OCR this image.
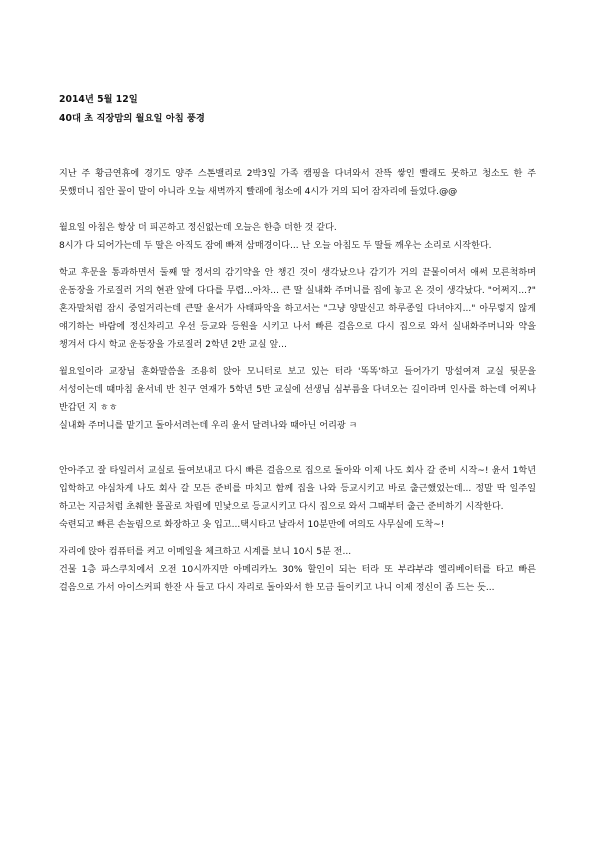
2014년 5월 12일
40대 초 직장맘의 월요일 아침 풍경

지난 주 황금연휴에 경기도 양주 스톤밸리로 2박3일 가족 캠핑을 다녀와서 잔뜩 쌓인 빨래도 못하고 청소도 한 주 못했더니 집안 꼴이 말이 아니라 오늘 새벽까지 빨래에 청소에 4시가 거의 되어 잠자리에 들었다.@@

월요일 아침은 항상 더 피곤하고 정신없는데 오늘은 한층 더한 것 같다.

8시가 다 되어가는데 두 딸은 아직도 잠에 빠져 삼매경이다... 난 오늘 아침도 두 딸들 깨우는 소리로 시작한다.

학교 후문을 통과하면서 둘째 딸 정서의 감기약을 안 챙긴 것이 생각났으나 감기가 거의 끝물이여서 애써 모른척하며 운동장을 가로질러 거의 현관 앞에 다다를 무렵...아차... 큰 딸 실내화 주머니를 집에 놓고 온 것이 생각났다. "어쩌지...?" 혼자말처럼 잠시 중얼거리는데 큰딸 윤서가 사태파악을 하고서는 "그냥 양말신고 하루종일 다녀야지..." 아무렇지 않게 얘기하는 바람에 정신차리고 우선 등교와 등원을 시키고 나서 빠른 걸음으로 다시 집으로 와서 실내화주머니와 약을 챙겨서 다시 학교 운동장을 가로질러 2학년 2반 교실 앞...

월요일이라 교장님 훈화말씀을 조용히 앉아 모니터로 보고 있는 터라 '똑똑'하고 들어가기 망설여져 교실 뒷문을 서성이는데 때마침 윤서네 반 친구 연재가 5학년 5반 교실에 선생님 심부름을 다녀오는 길이라며 인사를 하는데 어찌나 반갑던 지 ㅎㅎ

실내화 주머니를 맡기고 돌아서려는데 우리 윤서 달려나와 때아닌 어리광 ㅋ

안아주고 잘 타일러서 교실로 들여보내고 다시 빠른 걸음으로 집으로 돌아와 이제 나도 회사 갈 준비 시작~! 윤서 1학년 입학하고 야심차게 나도 회사 갈 모든 준비를 마치고 함께 집을 나와 등교시키고 바로 출근했었는데... 정말 딱 일주일 하고는 지금처럼 초췌한 몰골로 차림에 민낯으로 등교시키고 다시 집으로 와서 그때부터 출근 준비하기 시작한다.

숙련되고 빠른 손놀림으로 화장하고 옷 입고...택시타고 날라서 10분만에 여의도 사무실에 도착~!

자리에 앉아 컴퓨터를 켜고 이메일을 체크하고 시계를 보니 10시 5분 전...

건물 1층 파스쿠치에서 오전 10시까지만 아메리카노 30% 할인이 되는 터라 또 부랴부랴 엘리베이터를 타고 빠른 걸음으로 가서 아이스커피 한잔 사 들고 다시 자리로 돌아와서 한 모금 들이키고 나니 이제 정신이 좀 드는 듯...
